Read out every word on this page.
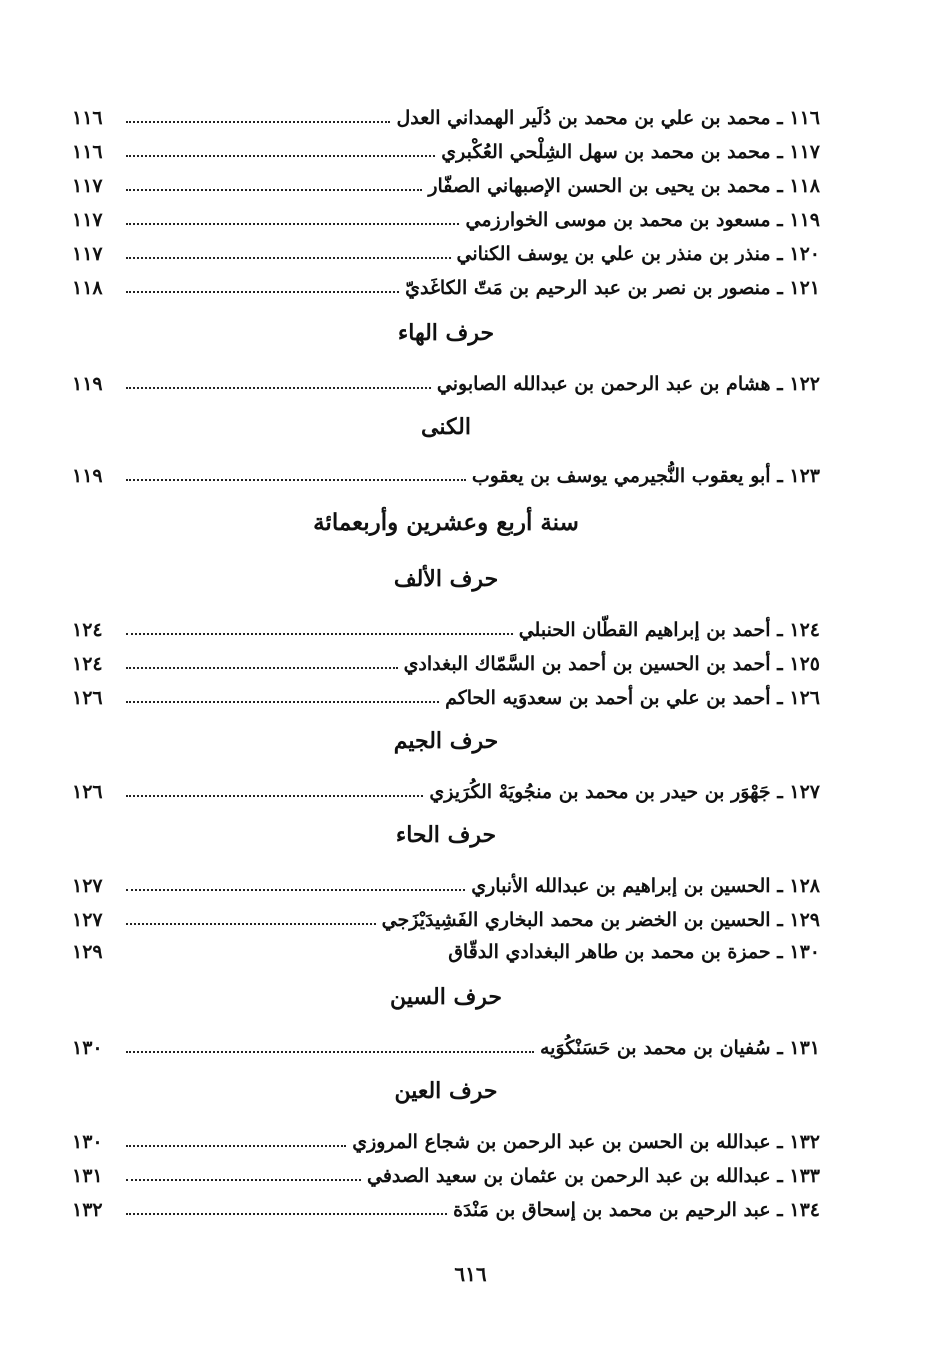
١١٦ ـ محمد بن علي بن محمد بن دُلَير الهمداني العدل
١١٦
١١٧ ـ محمد بن محمد بن سهل الشِلْحي العُكْبري
١١٦
١١٨ ـ محمد بن يحيى بن الحسن الإصبهاني الصفّار
١١٧
١١٩ ـ مسعود بن محمد بن موسى الخوارزمي
١١٧
١٢٠ ـ منذر بن منذر بن علي بن يوسف الكناني
١١٧
١٢١ ـ منصور بن نصر بن عبد الرحيم بن مَتّ الكاغَديّ
١١٨
حرف الهاء
١٢٢ ـ هشام بن عبد الرحمن بن عبدالله الصابوني
١١٩
الكنى
١٢٣ ـ أبو يعقوب النُّجيرمي يوسف بن يعقوب
١١٩
سنة أربع وعشرين وأربعمائة
حرف الألف
١٢٤ ـ أحمد بن إبراهيم القطّان الحنبلي
١٢٤
١٢٥ ـ أحمد بن الحسين بن أحمد بن السَّمّاك البغدادي
١٢٤
١٢٦ ـ أحمد بن علي بن أحمد بن سعدوَيه الحاكم
١٢٦
حرف الجيم
١٢٧ ـ جَهْوَر بن حيدر بن محمد بن منجُويَهْ الكُرَيزي
١٢٦
حرف الحاء
١٢٨ ـ الحسين بن إبراهيم بن عبدالله الأنباري
١٢٧
١٢٩ ـ الحسين بن الخضر بن محمد البخاري الفَشِيدَيْزَجي
١٢٧
١٣٠ ـ حمزة بن محمد بن طاهر البغدادي الدقّاق
١٢٩
حرف السين
١٣١ ـ سُفيان بن محمد بن حَسَنْكُوَيه
١٣٠
حرف العين
١٣٢ ـ عبدالله بن الحسن بن عبد الرحمن بن شجاع المروزي
١٣٠
١٣٣ ـ عبدالله بن عبد الرحمن بن عثمان بن سعيد الصدفي
١٣١
١٣٤ ـ عبد الرحيم بن محمد بن إسحاق بن مَنْدَة
١٣٢
٦١٦
